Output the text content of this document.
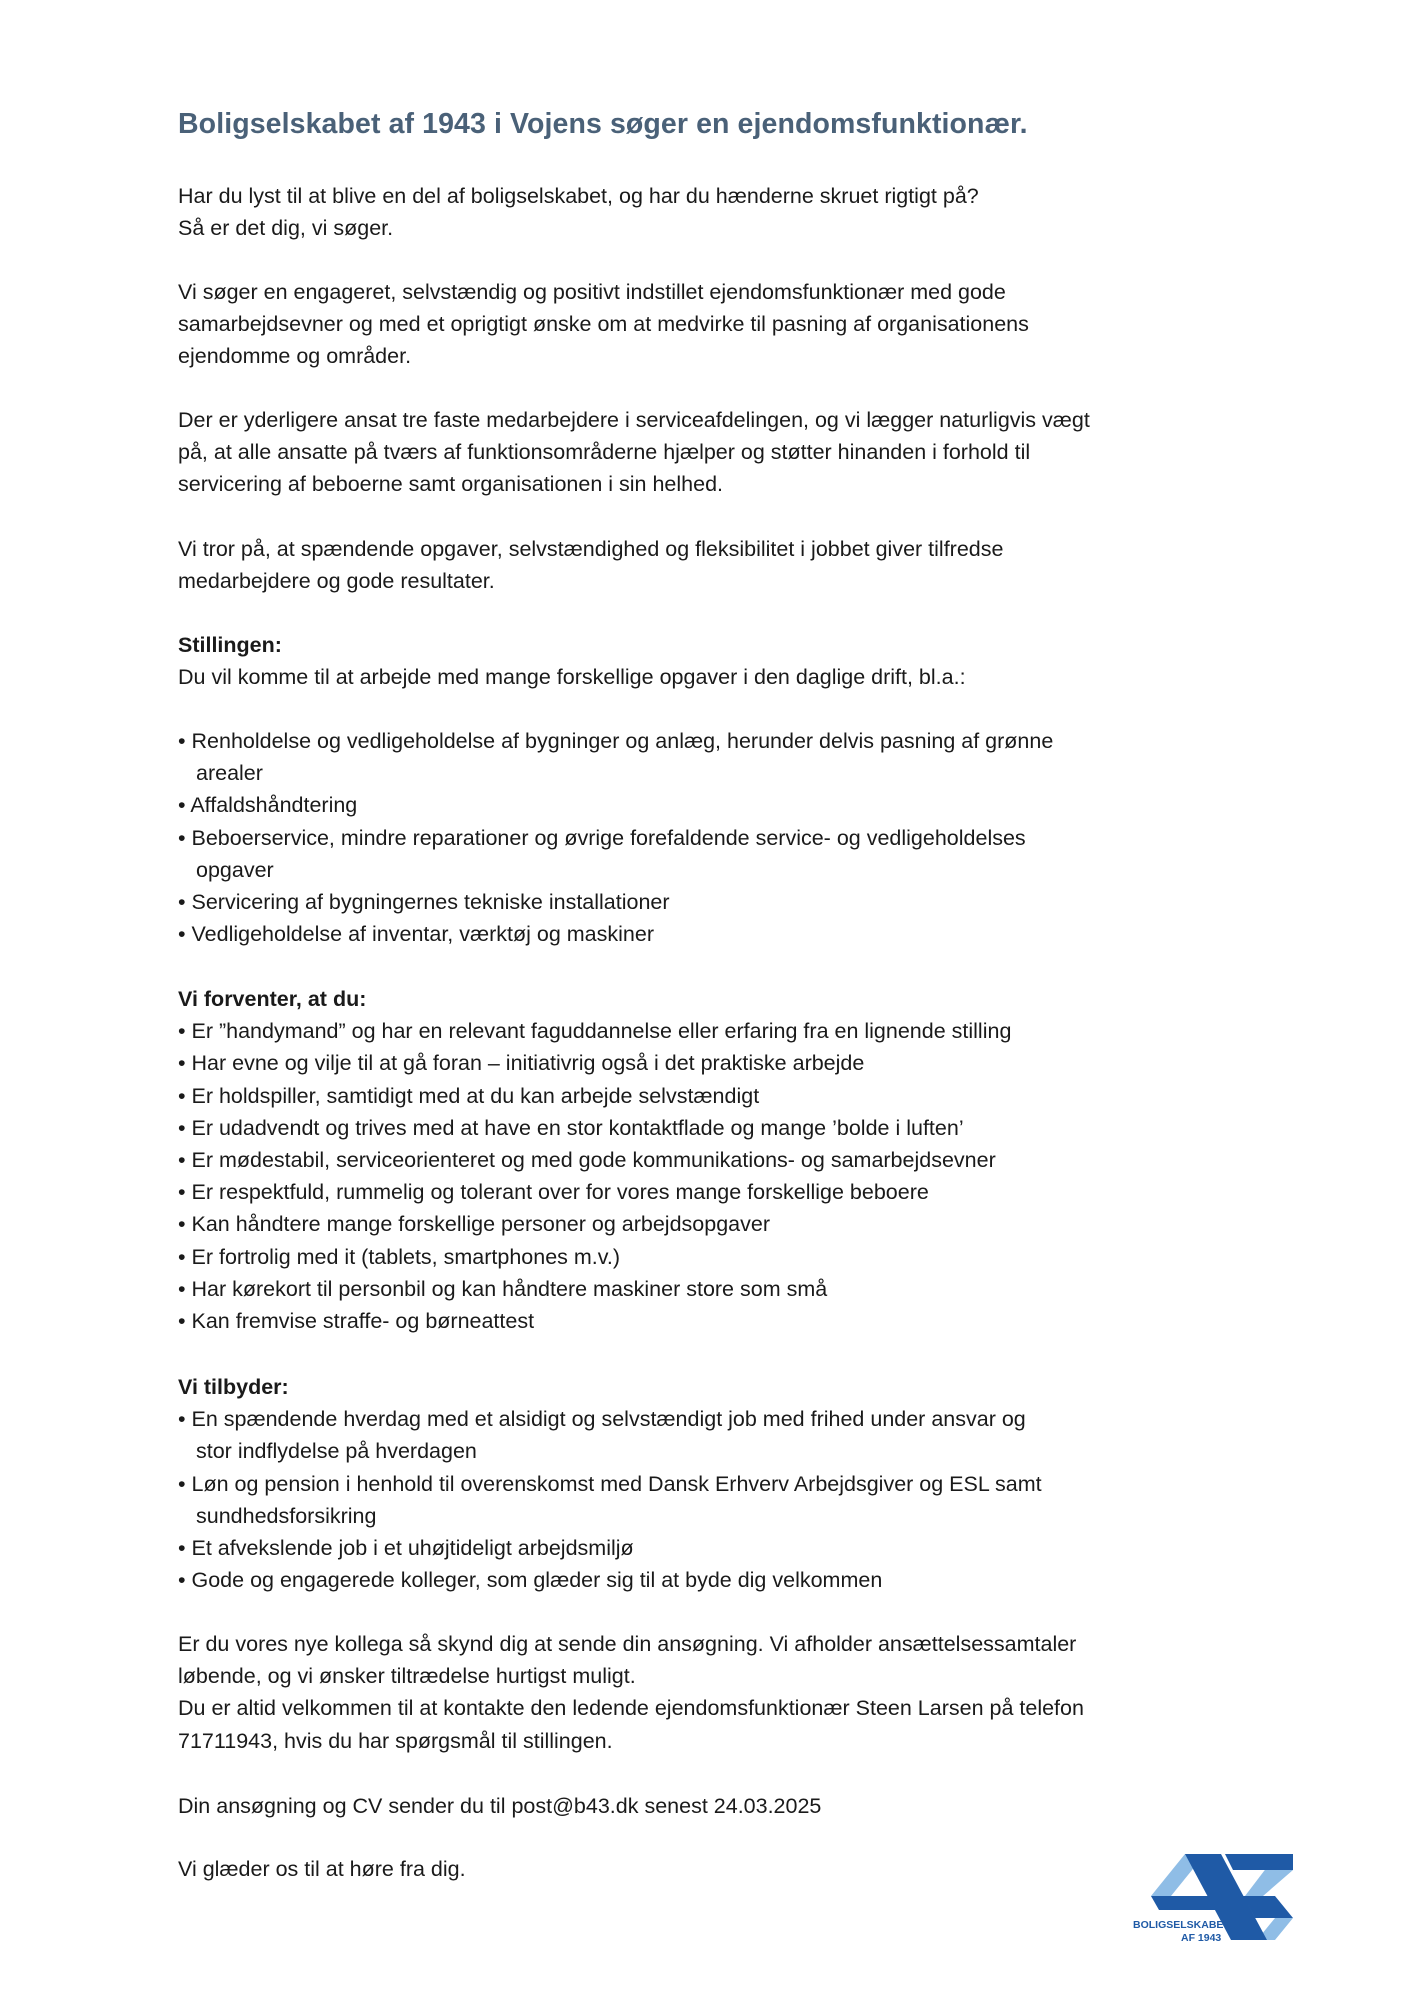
Boligselskabet af 1943 i Vojens søger en ejendomsfunktionær.

Har du lyst til at blive en del af boligselskabet, og har du hænderne skruet rigtigt på?

Så er det dig, vi søger.

Vi søger en engageret, selvstændig og positivt indstillet ejendomsfunktionær med gode

samarbejdsevner og med et oprigtigt ønske om at medvirke til pasning af organisationens

ejendomme og områder.

Der er yderligere ansat tre faste medarbejdere i serviceafdelingen, og vi lægger naturligvis vægt

på, at alle ansatte på tværs af funktionsområderne hjælper og støtter hinanden i forhold til

servicering af beboerne samt organisationen i sin helhed.

Vi tror på, at spændende opgaver, selvstændighed og fleksibilitet i jobbet giver tilfredse

medarbejdere og gode resultater.

Stillingen:

Du vil komme til at arbejde med mange forskellige opgaver i den daglige drift, bl.a.:

• Renholdelse og vedligeholdelse af bygninger og anlæg, herunder delvis pasning af grønne

arealer

• Affaldshåndtering

• Beboerservice, mindre reparationer og øvrige forefaldende service- og vedligeholdelses

opgaver

• Servicering af bygningernes tekniske installationer

• Vedligeholdelse af inventar, værktøj og maskiner

Vi forventer, at du:

• Er ”handymand” og har en relevant faguddannelse eller erfaring fra en lignende stilling

• Har evne og vilje til at gå foran – initiativrig også i det praktiske arbejde

• Er holdspiller, samtidigt med at du kan arbejde selvstændigt

• Er udadvendt og trives med at have en stor kontaktflade og mange ’bolde i luften’

• Er mødestabil, serviceorienteret og med gode kommunikations- og samarbejdsevner

• Er respektfuld, rummelig og tolerant over for vores mange forskellige beboere

• Kan håndtere mange forskellige personer og arbejdsopgaver

• Er fortrolig med it (tablets, smartphones m.v.)

• Har kørekort til personbil og kan håndtere maskiner store som små

• Kan fremvise straffe- og børneattest

Vi tilbyder:

• En spændende hverdag med et alsidigt og selvstændigt job med frihed under ansvar og

stor indflydelse på hverdagen

• Løn og pension i henhold til overenskomst med Dansk Erhverv Arbejdsgiver og ESL samt

sundhedsforsikring

• Et afvekslende job i et uhøjtideligt arbejdsmiljø

• Gode og engagerede kolleger, som glæder sig til at byde dig velkommen

Er du vores nye kollega så skynd dig at sende din ansøgning. Vi afholder ansættelsessamtaler

løbende, og vi ønsker tiltrædelse hurtigst muligt.

Du er altid velkommen til at kontakte den ledende ejendomsfunktionær Steen Larsen på telefon

71711943, hvis du har spørgsmål til stillingen.

Din ansøgning og CV sender du til post@b43.dk senest 24.03.2025

Vi glæder os til at høre fra dig.

BOLIGSELSKABET
AF 1943
